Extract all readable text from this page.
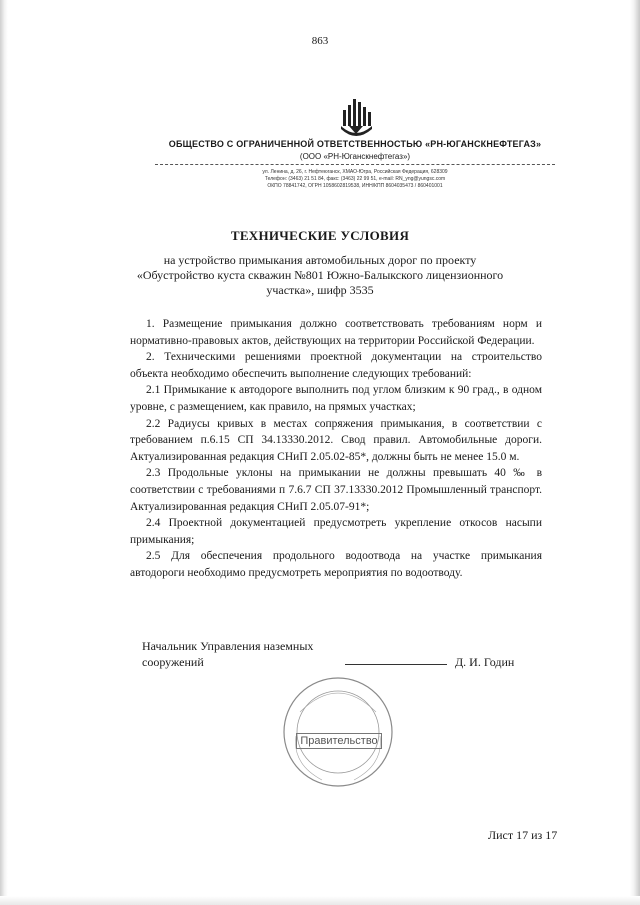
863
ОБЩЕСТВО С ОГРАНИЧЕННОЙ ОТВЕТСТВЕННОСТЬЮ «РН-ЮГАНСКНЕФТЕГАЗ»
(ООО «РН-Юганскнефтегаз»)
ул. Ленина, д. 26, г. Нефтеюганск, ХМАО-Югра, Российская Федерация, 628309
Телефон: (3463) 21 51 84, факс: (3463) 22 99 51, e-mail: RN_yng@yungsc.com
ОКПО 78841742, ОГРН 1058602819538, ИНН/КПП 8604035473 / 860401001
ТЕХНИЧЕСКИЕ УСЛОВИЯ
на устройство примыкания автомобильных дорог по проекту
«Обустройство куста скважин №801 Южно-Балыкского лицензионного
участка», шифр 3535

1. Размещение примыкания должно соответствовать требованиям норм и нормативно-правовых актов, действующих на территории Российской Федерации.

2. Техническими решениями проектной документации на строительство объекта необходимо обеспечить выполнение следующих требований:

2.1 Примыкание к автодороге выполнить под углом близким к 90 град., в одном уровне, с размещением, как правило, на прямых участках;

2.2 Радиусы кривых в местах сопряжения примыкания, в соответствии с требованием п.6.15 СП 34.13330.2012. Свод правил. Автомобильные дороги. Актуализированная редакция СНиП 2.05.02-85*, должны быть не менее 15.0 м.

2.3 Продольные уклоны на примыкании не должны превышать 40 ‰ в соответствии с требованиями п 7.6.7 СП 37.13330.2012 Промышленный транспорт. Актуализированная редакция СНиП 2.05.07-91*;

2.4 Проектной документацией предусмотреть укрепление откосов насыпи примыкания;

2.5 Для обеспечения продольного водоотвода на участке примыкания автодороги необходимо предусмотреть мероприятия по водоотводу.

Начальник Управления наземных
сооружений	Д. И. Годин
Правительство
Лист 17 из 17
